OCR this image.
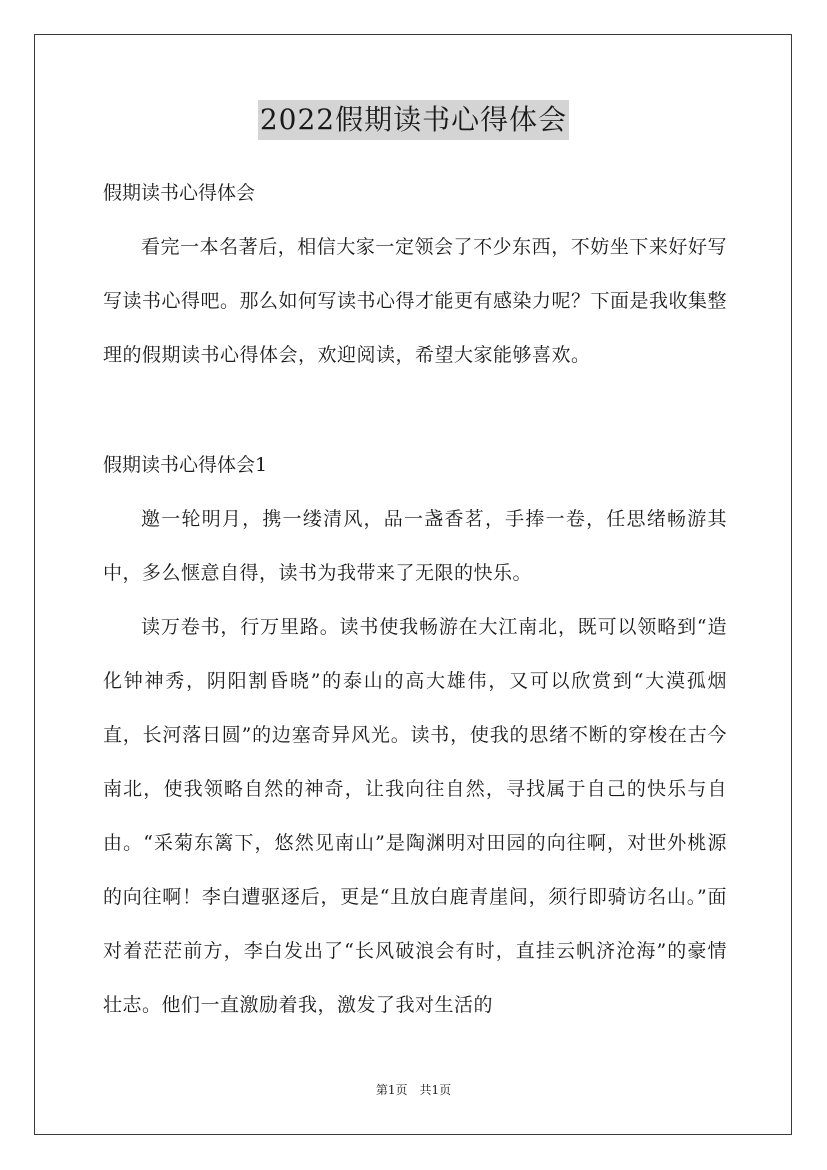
2022假期读书心得体会

假期读书心得体会

看完一本名著后，相信大家一定领会了不少东西，不妨坐下来好好写写读书心得吧。那么如何写读书心得才能更有感染力呢？下面是我收集整理的假期读书心得体会，欢迎阅读，希望大家能够喜欢。

假期读书心得体会1

邀一轮明月，携一缕清风，品一盏香茗，手捧一卷，任思绪畅游其中，多么惬意自得，读书为我带来了无限的快乐。

读万卷书，行万里路。读书使我畅游在大江南北，既可以领略到“造化钟神秀，阴阳割昏晓”的泰山的高大雄伟，又可以欣赏到“大漠孤烟直，长河落日圆”的边塞奇异风光。读书，使我的思绪不断的穿梭在古今南北，使我领略自然的神奇，让我向往自然，寻找属于自己的快乐与自由。“采菊东篱下，悠然见南山”是陶渊明对田园的向往啊，对世外桃源的向往啊！李白遭驱逐后，更是“且放白鹿青崖间，须行即骑访名山。”面对着茫茫前方，李白发出了“长风破浪会有时，直挂云帆济沧海”的豪情壮志。他们一直激励着我，激发了我对生活的

第1页　共1页
